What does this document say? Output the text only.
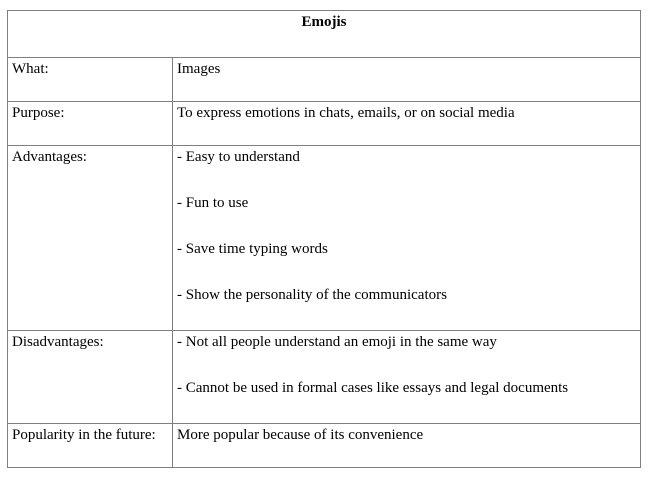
Emojis	
What:	Images

Purpose:	To express emotions in chats, emails, or on social media

Advantages:	- Easy to understand
- Fun to use
- Save time typing words
- Show the personality of the communicators

Disadvantages:	- Not all people understand an emoji in the same way
- Cannot be used in formal cases like essays and legal documents

Popularity in the future:	More popular because of its convenience
